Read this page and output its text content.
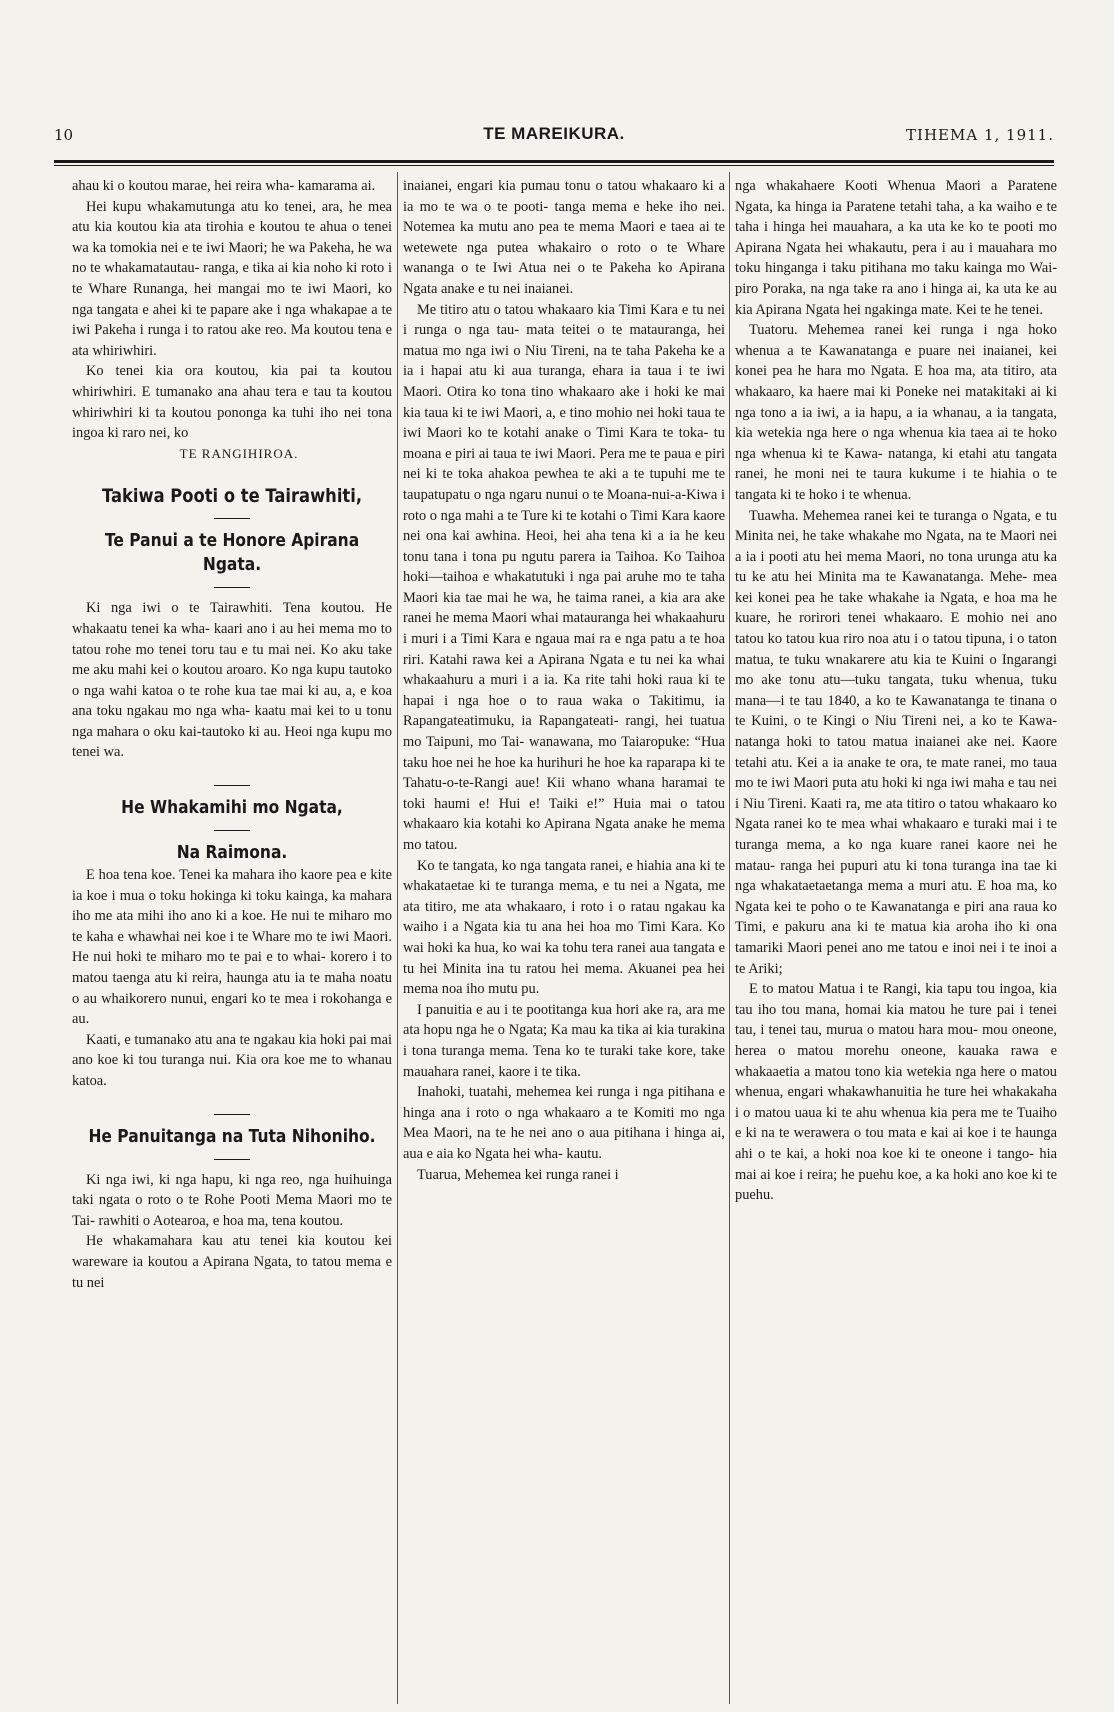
10	TE MAREIKURA.	TIHEMA 1, 1911.

ahau ki o koutou marae, hei reira wha- kamarama ai.

Hei kupu whakamutunga atu ko tenei, ara, he mea atu kia koutou kia ata tirohia e koutou te ahua o tenei wa ka tomokia nei e te iwi Maori; he wa Pakeha, he wa no te whakamatautau- ranga, e tika ai kia noho ki roto i te Whare Runanga, hei mangai mo te iwi Maori, ko nga tangata e ahei ki te papare ake i nga whakapae a te iwi Pakeha i runga i to ratou ake reo. Ma koutou tena e ata whiriwhiri.

Ko tenei kia ora koutou, kia pai ta koutou whiriwhiri. E tumanako ana ahau tera e tau ta koutou whiriwhiri ki ta koutou pononga ka tuhi iho nei tona ingoa ki raro nei, ko

TE RANGIHIROA.

Takiwa Pooti o te Tairawhiti,
Te Panui a te Honore Apirana Ngata.

Ki nga iwi o te Tairawhiti. Tena koutou. He whakaatu tenei ka wha- kaari ano i au hei mema mo to tatou rohe mo tenei toru tau e tu mai nei. Ko aku take me aku mahi kei o koutou aroaro. Ko nga kupu tautoko o nga wahi katoa o te rohe kua tae mai ki au, a, e koa ana toku ngakau mo nga wha- kaatu mai kei to u tonu nga mahara o oku kai-tautoko ki au. Heoi nga kupu mo tenei wa.

He Whakamihi mo Ngata,
Na Raimona.

E hoa tena koe. Tenei ka mahara iho kaore pea e kite ia koe i mua o toku hokinga ki toku kainga, ka mahara iho me ata mihi iho ano ki a koe. He nui te miharo mo te kaha e whawhai nei koe i te Whare mo te iwi Maori. He nui hoki te miharo mo te pai e to whai- korero i to matou taenga atu ki reira, haunga atu ia te maha noatu o au whaikorero nunui, engari ko te mea i rokohanga e au.

Kaati, e tumanako atu ana te ngakau kia hoki pai mai ano koe ki tou turanga nui. Kia ora koe me to whanau katoa.

He Panuitanga na Tuta Nihoniho.

Ki nga iwi, ki nga hapu, ki nga reo, nga huihuinga taki ngata o roto o te Rohe Pooti Mema Maori mo te Tai- rawhiti o Aotearoa, e hoa ma, tena koutou.

He whakamahara kau atu tenei kia koutou kei wareware ia koutou a Apirana Ngata, to tatou mema e tu nei

inaianei, engari kia pumau tonu o tatou whakaaro ki a ia mo te wa o te pooti- tanga mema e heke iho nei. Notemea ka mutu ano pea te mema Maori e taea ai te wetewete nga putea whakairo o roto o te Whare wananga o te Iwi Atua nei o te Pakeha ko Apirana Ngata anake e tu nei inaianei.

Me titiro atu o tatou whakaaro kia Timi Kara e tu nei i runga o nga tau- mata teitei o te matauranga, hei matua mo nga iwi o Niu Tireni, na te taha Pakeha ke a ia i hapai atu ki aua turanga, ehara ia taua i te iwi Maori. Otira ko tona tino whakaaro ake i hoki ke mai kia taua ki te iwi Maori, a, e tino mohio nei hoki taua te iwi Maori ko te kotahi anake o Timi Kara te toka- tu moana e piri ai taua te iwi Maori. Pera me te paua e piri nei ki te toka ahakoa pewhea te aki a te tupuhi me te taupatupatu o nga ngaru nunui o te Moana-nui-a-Kiwa i roto o nga mahi a te Ture ki te kotahi o Timi Kara kaore nei ona kai awhina. Heoi, hei aha tena ki a ia he keu tonu tana i tona pu ngutu parera ia Taihoa. Ko Taihoa hoki—taihoa e whakatutuki i nga pai aruhe mo te taha Maori kia tae mai he wa, he taima ranei, a kia ara ake ranei he mema Maori whai matauranga hei whakaahuru i muri i a Timi Kara e ngaua mai ra e nga patu a te hoa riri. Katahi rawa kei a Apirana Ngata e tu nei ka whai whakaahuru a muri i a ia. Ka rite tahi hoki raua ki te hapai i nga hoe o to raua waka o Takitimu, ia Rapangateatimuku, ia Rapangateati- rangi, hei tuatua mo Taipuni, mo Tai- wanawana, mo Taiaropuke: “Hua taku hoe nei he hoe ka hurihuri he hoe ka raparapa ki te Tahatu-o-te-Rangi aue! Kii whano whana haramai te toki haumi e! Hui e! Taiki e!” Huia mai o tatou whakaaro kia kotahi ko Apirana Ngata anake he mema mo tatou.

Ko te tangata, ko nga tangata ranei, e hiahia ana ki te whakataetae ki te turanga mema, e tu nei a Ngata, me ata titiro, me ata whakaaro, i roto i o ratau ngakau ka waiho i a Ngata kia tu ana hei hoa mo Timi Kara. Ko wai hoki ka hua, ko wai ka tohu tera ranei aua tangata e tu hei Minita ina tu ratou hei mema. Akuanei pea hei mema noa iho mutu pu.

I panuitia e au i te pootitanga kua hori ake ra, ara me ata hopu nga he o Ngata; Ka mau ka tika ai kia turakina i tona turanga mema. Tena ko te turaki take kore, take mauahara ranei, kaore i te tika.

Inahoki, tuatahi, mehemea kei runga i nga pitihana e hinga ana i roto o nga whakaaro a te Komiti mo nga Mea Maori, na te he nei ano o aua pitihana i hinga ai, aua e aia ko Ngata hei wha- kautu.

Tuarua, Mehemea kei runga ranei i

nga whakahaere Kooti Whenua Maori a Paratene Ngata, ka hinga ia Paratene tetahi taha, a ka waiho e te taha i hinga hei mauahara, a ka uta ke ko te pooti mo Apirana Ngata hei whakautu, pera i au i mauahara mo toku hinganga i taku pitihana mo taku kainga mo Wai- piro Poraka, na nga take ra ano i hinga ai, ka uta ke au kia Apirana Ngata hei ngakinga mate. Kei te he tenei.

Tuatoru. Mehemea ranei kei runga i nga hoko whenua a te Kawanatanga e puare nei inaianei, kei konei pea he hara mo Ngata. E hoa ma, ata titiro, ata whakaaro, ka haere mai ki Poneke nei matakitaki ai ki nga tono a ia iwi, a ia hapu, a ia whanau, a ia tangata, kia wetekia nga here o nga whenua kia taea ai te hoko nga whenua ki te Kawa- natanga, ki etahi atu tangata ranei, he moni nei te taura kukume i te hiahia o te tangata ki te hoko i te whenua.

Tuawha. Mehemea ranei kei te turanga o Ngata, e tu Minita nei, he take whakahe mo Ngata, na te Maori nei a ia i pooti atu hei mema Maori, no tona urunga atu ka tu ke atu hei Minita ma te Kawanatanga. Mehe- mea kei konei pea he take whakahe ia Ngata, e hoa ma he kuare, he rorirori tenei whakaaro. E mohio nei ano tatou ko tatou kua riro noa atu i o tatou tipuna, i o taton matua, te tuku wnakarere atu kia te Kuini o Ingarangi mo ake tonu atu—tuku tangata, tuku whenua, tuku mana—i te tau 1840, a ko te Kawanatanga te tinana o te Kuini, o te Kingi o Niu Tireni nei, a ko te Kawa- natanga hoki to tatou matua inaianei ake nei. Kaore tetahi atu. Kei a ia anake te ora, te mate ranei, mo taua mo te iwi Maori puta atu hoki ki nga iwi maha e tau nei i Niu Tireni. Kaati ra, me ata titiro o tatou whakaaro ko Ngata ranei ko te mea whai whakaaro e turaki mai i te turanga mema, a ko nga kuare ranei kaore nei he matau- ranga hei pupuri atu ki tona turanga ina tae ki nga whakataetaetanga mema a muri atu. E hoa ma, ko Ngata kei te poho o te Kawanatanga e piri ana raua ko Timi, e pakuru ana ki te matua kia aroha iho ki ona tamariki Maori penei ano me tatou e inoi nei i te inoi a te Ariki;

E to matou Matua i te Rangi, kia tapu tou ingoa, kia tau iho tou mana, homai kia matou he ture pai i tenei tau, i tenei tau, murua o matou hara mou- mou oneone, herea o matou morehu oneone, kauaka rawa e whakaaetia a matou tono kia wetekia nga here o matou whenua, engari whakawhanuitia he ture hei whakakaha i o matou uaua ki te ahu whenua kia pera me te Tuaiho e ki na te werawera o tou mata e kai ai koe i te haunga ahi o te kai, a hoki noa koe ki te oneone i tango- hia mai ai koe i reira; he puehu koe, a ka hoki ano koe ki te puehu.
